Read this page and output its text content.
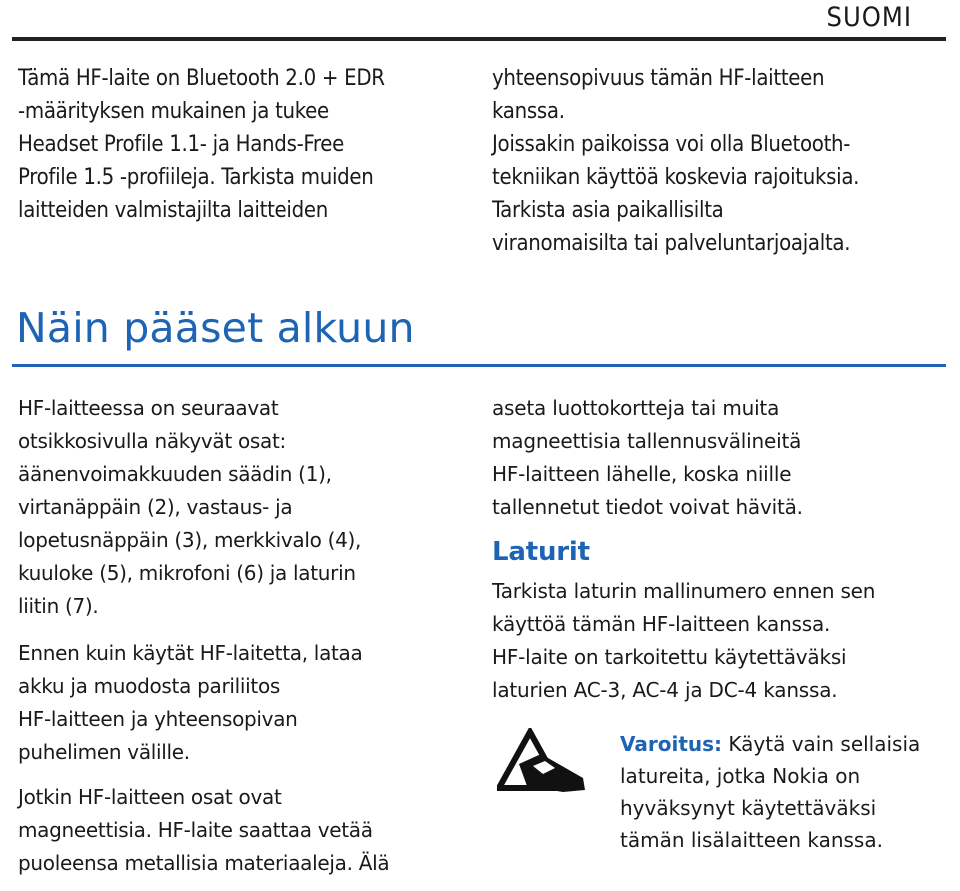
SUOMI

Tämä HF-laite on Bluetooth 2.0 + EDR

-määrityksen mukainen ja tukee

Headset Profile 1.1- ja Hands-Free

Profile 1.5 -profiileja. Tarkista muiden

laitteiden valmistajilta laitteiden

yhteensopivuus tämän HF-laitteen

kanssa.

Joissakin paikoissa voi olla Bluetooth-

tekniikan käyttöä koskevia rajoituksia.

Tarkista asia paikallisilta

viranomaisilta tai palveluntarjoajalta.

Näin pääset alkuun

HF-laitteessa on seuraavat

otsikkosivulla näkyvät osat:

äänenvoimakkuuden säädin (1),

virtanäppäin (2), vastaus- ja

lopetusnäppäin (3), merkkivalo (4),

kuuloke (5), mikrofoni (6) ja laturin

liitin (7).

Ennen kuin käytät HF-laitetta, lataa

akku ja muodosta pariliitos

HF-laitteen ja yhteensopivan

puhelimen välille.

Jotkin HF-laitteen osat ovat

magneettisia. HF-laite saattaa vetää

puoleensa metallisia materiaaleja. Älä

aseta luottokortteja tai muita

magneettisia tallennusvälineitä

HF-laitteen lähelle, koska niille

tallennetut tiedot voivat hävitä.

Laturit

Tarkista laturin mallinumero ennen sen

käyttöä tämän HF-laitteen kanssa.

HF-laite on tarkoitettu käytettäväksi

laturien AC-3, AC-4 ja DC-4 kanssa.

Varoitus: Käytä vain sellaisia
latureita, jotka Nokia on
hyväksynyt käytettäväksi
tämän lisälaitteen kanssa.
